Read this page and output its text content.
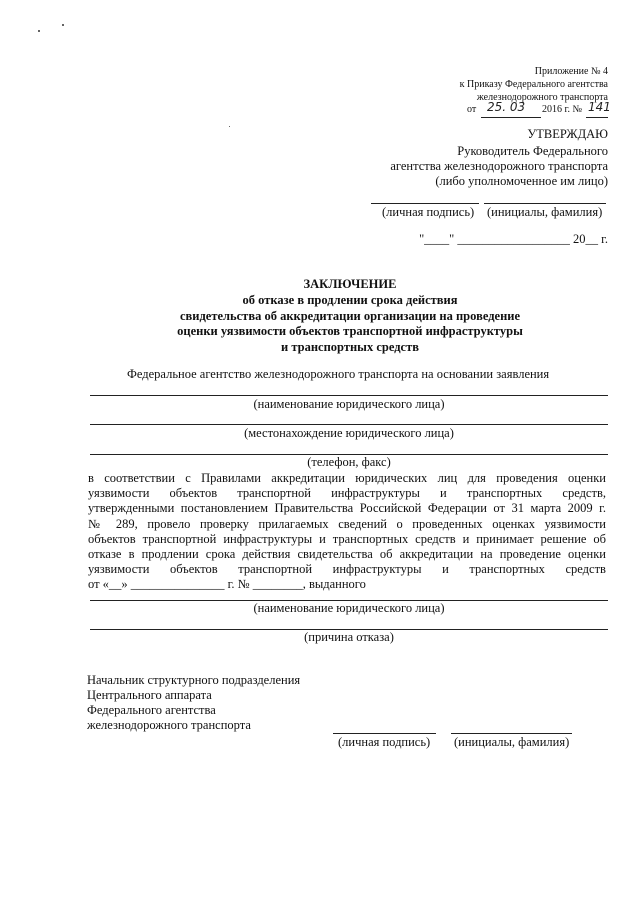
Приложение № 4
к Приказу Федерального агентства
железнодорожного транспорта
от 25. 03 2016 г. № 141
УТВЕРЖДАЮ
Руководитель Федерального
агентства железнодорожного транспорта
(либо уполномоченное им лицо)
(личная подпись) (инициалы, фамилия)
"____" __________________ 20__ г.
ЗАКЛЮЧЕНИЕ
об отказе в продлении срока действия
свидетельства об аккредитации организации на проведение
оценки уязвимости объектов транспортной инфраструктуры
и транспортных средств
Федеральное агентство железнодорожного транспорта на основании заявления
(наименование юридического лица)
(местонахождение юридического лица)
(телефон, факс)
в соответствии с Правилами аккредитации юридических лиц для проведения оценки
уязвимости объектов транспортной инфраструктуры и транспортных средств,
утвержденными постановлением Правительства Российской Федерации от 31 марта 2009 г.
№ 289, провело проверку прилагаемых сведений о проведенных оценках уязвимости
объектов транспортной инфраструктуры и транспортных средств и принимает решение об
отказе в продлении срока действия свидетельства об аккредитации на проведение оценки
уязвимости объектов транспортной инфраструктуры и транспортных средств
от «__» _______________ г. № ________, выданного
(наименование юридического лица)
(причина отказа)
Начальник структурного подразделения
Центрального аппарата
Федерального агентства
железнодорожного транспорта
(личная подпись) (инициалы, фамилия)
